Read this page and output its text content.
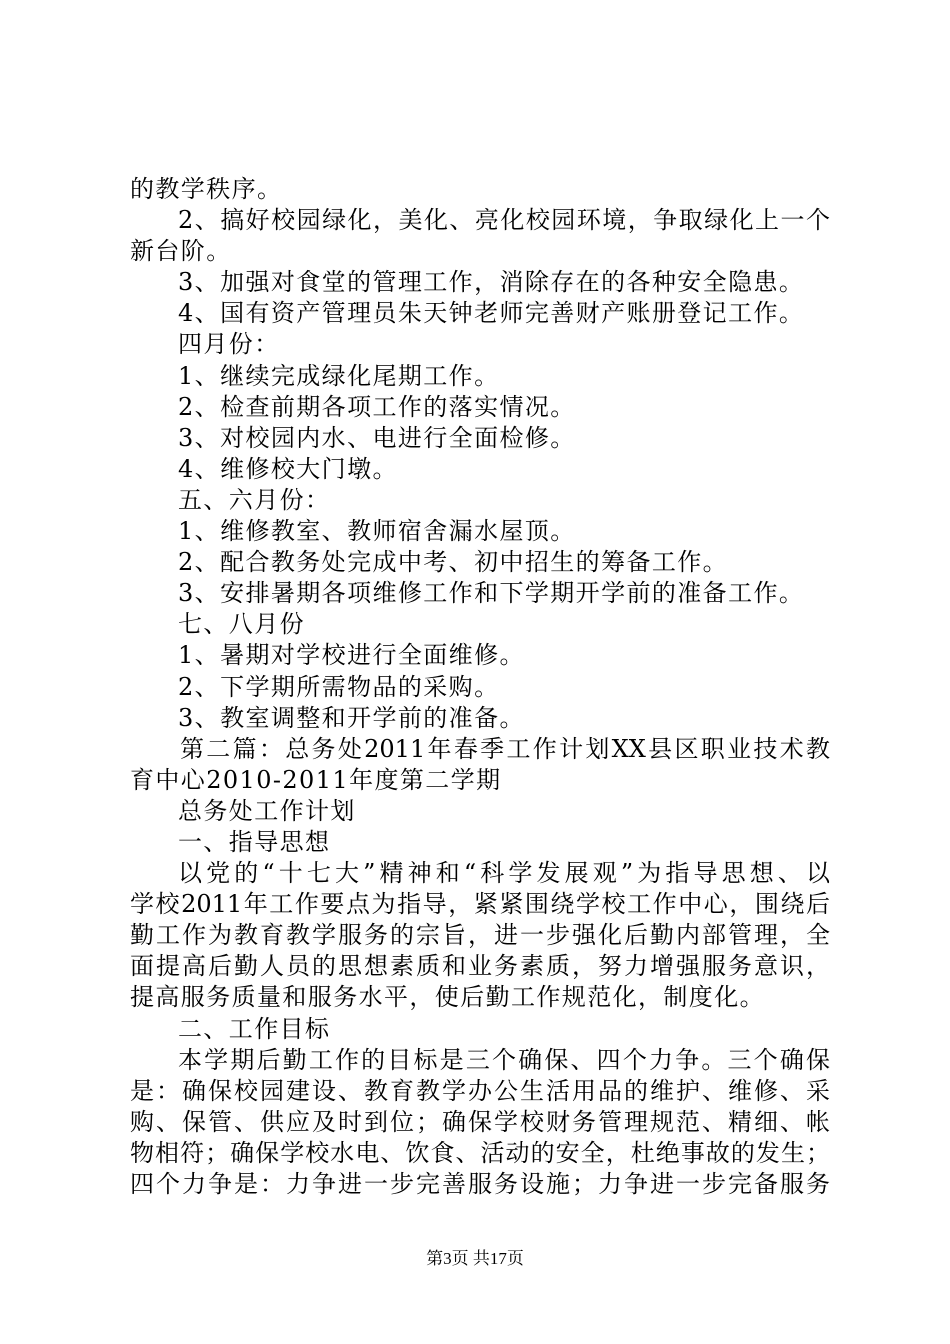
的教学秩序。
2、搞好校园绿化，美化、亮化校园环境，争取绿化上一个
新台阶。
3、加强对食堂的管理工作，消除存在的各种安全隐患。
4、国有资产管理员朱天钟老师完善财产账册登记工作。
四月份：
1、继续完成绿化尾期工作。
2、检查前期各项工作的落实情况。
3、对校园内水、电进行全面检修。
4、维修校大门墩。
五、六月份：
1、维修教室、教师宿舍漏水屋顶。
2、配合教务处完成中考、初中招生的筹备工作。
3、安排暑期各项维修工作和下学期开学前的准备工作。
七、八月份
1、暑期对学校进行全面维修。
2、下学期所需物品的采购。
3、教室调整和开学前的准备。
第二篇：总务处2011年春季工作计划XX县区职业技术教
育中心2010-2011年度第二学期
总务处工作计划
一、指导思想
以党的“十七大”精神和“科学发展观”为指导思想、以
学校2011年工作要点为指导，紧紧围绕学校工作中心，围绕后
勤工作为教育教学服务的宗旨，进一步强化后勤内部管理，全
面提高后勤人员的思想素质和业务素质，努力增强服务意识，
提高服务质量和服务水平，使后勤工作规范化，制度化。
二、工作目标
本学期后勤工作的目标是三个确保、四个力争。三个确保
是：确保校园建设、教育教学办公生活用品的维护、维修、采
购、保管、供应及时到位；确保学校财务管理规范、精细、帐
物相符；确保学校水电、饮食、活动的安全，杜绝事故的发生；
四个力争是：力争进一步完善服务设施；力争进一步完备服务
第3页 共17页
